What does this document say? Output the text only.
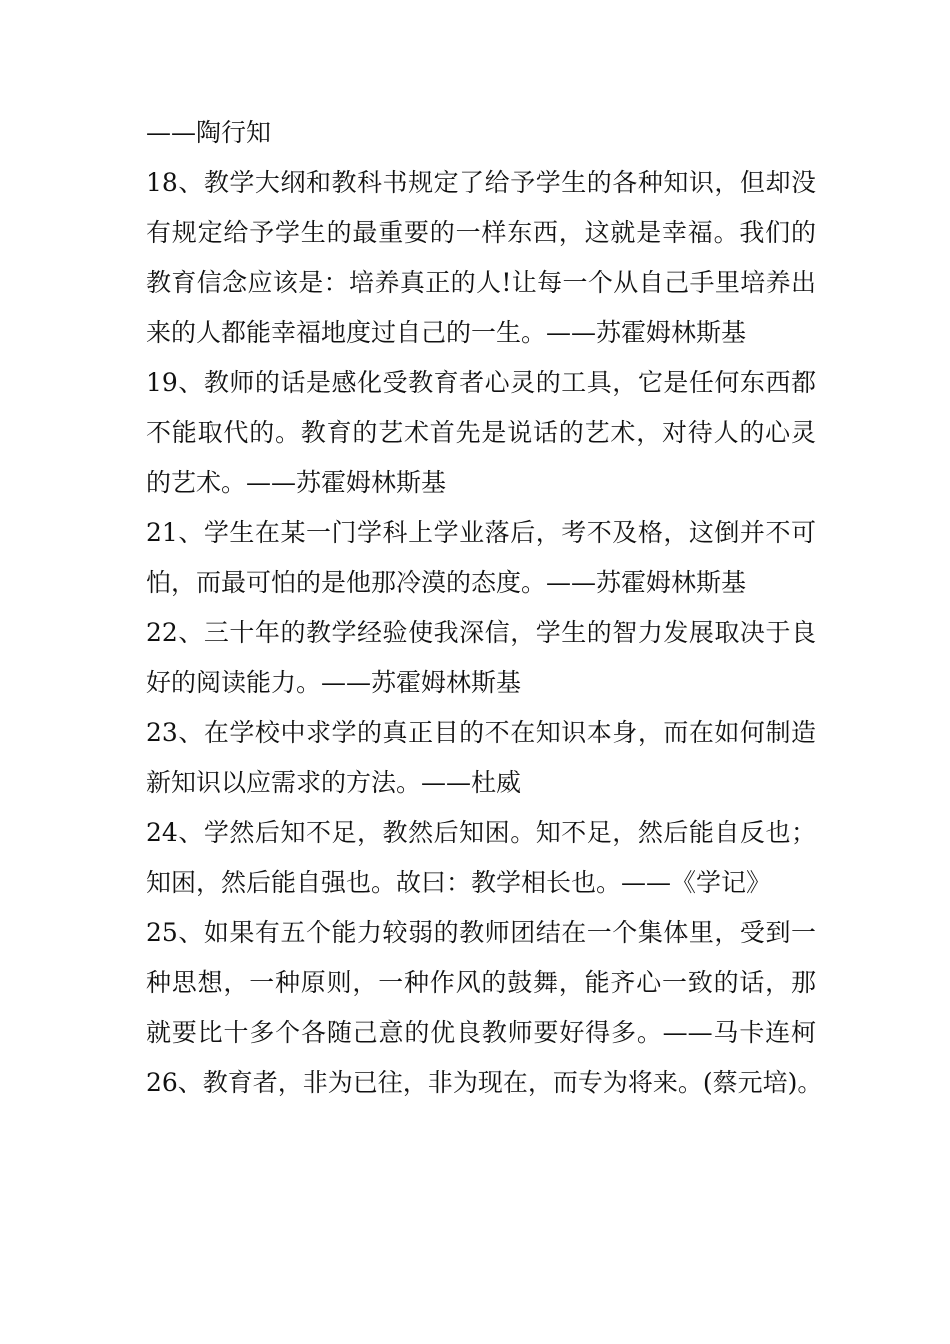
——陶行知
18、教学大纲和教科书规定了给予学生的各种知识，但却没
有规定给予学生的最重要的一样东西，这就是幸福。我们的
教育信念应该是：培养真正的人!让每一个从自己手里培养出
来的人都能幸福地度过自己的一生。——苏霍姆林斯基
19、教师的话是感化受教育者心灵的工具，它是任何东西都
不能取代的。教育的艺术首先是说话的艺术，对待人的心灵
的艺术。——苏霍姆林斯基
21、学生在某一门学科上学业落后，考不及格，这倒并不可
怕，而最可怕的是他那冷漠的态度。——苏霍姆林斯基
22、三十年的教学经验使我深信，学生的智力发展取决于良
好的阅读能力。——苏霍姆林斯基
23、在学校中求学的真正目的不在知识本身，而在如何制造
新知识以应需求的方法。——杜威
24、学然后知不足，教然后知困。知不足，然后能自反也；
知困，然后能自强也。故曰：教学相长也。——《学记》
25、如果有五个能力较弱的教师团结在一个集体里，受到一
种思想，一种原则，一种作风的鼓舞，能齐心一致的话，那
就要比十多个各随己意的优良教师要好得多。——马卡连柯
26、教育者，非为已往，非为现在，而专为将来。(蔡元培)。
